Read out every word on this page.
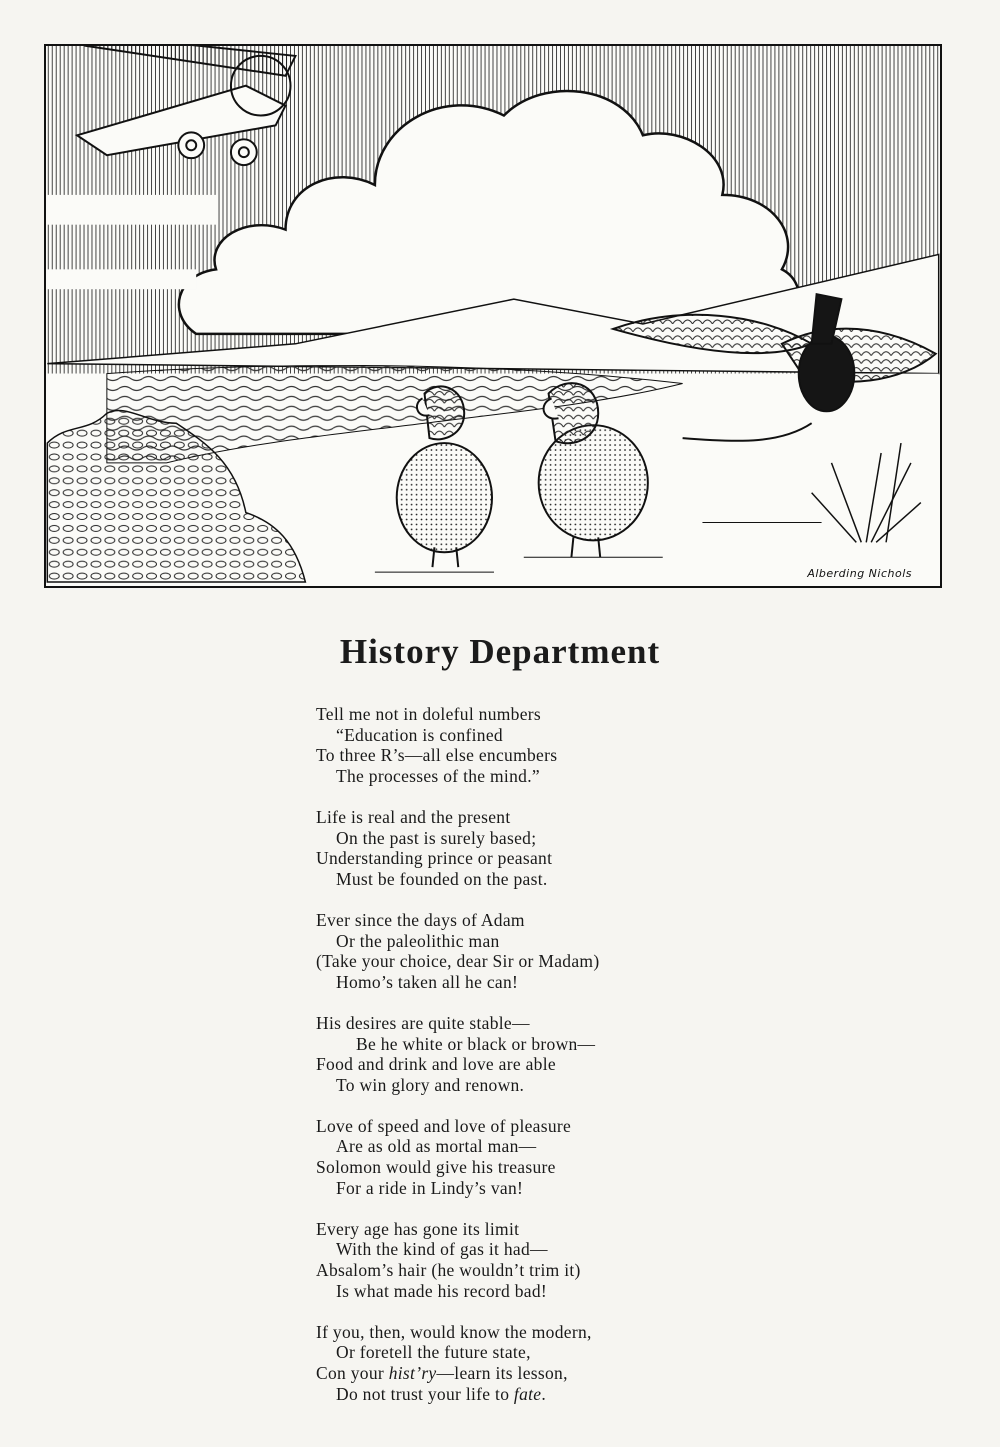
Alberding Nichols
History Department
Tell me not in doleful numbers
“Education is confined
To three R’s—all else encumbers
The processes of the mind.”
Life is real and the present
On the past is surely based;
Understanding prince or peasant
Must be founded on the past.
Ever since the days of Adam
Or the paleolithic man
(Take your choice, dear Sir or Madam)
Homo’s taken all he can!
His desires are quite stable—
Be he white or black or brown—
Food and drink and love are able
To win glory and renown.
Love of speed and love of pleasure
Are as old as mortal man—
Solomon would give his treasure
For a ride in Lindy’s van!
Every age has gone its limit
With the kind of gas it had—
Absalom’s hair (he wouldn’t trim it)
Is what made his record bad!
If you, then, would know the modern,
Or foretell the future state,
Con your hist’ry—learn its lesson,
Do not trust your life to fate.
